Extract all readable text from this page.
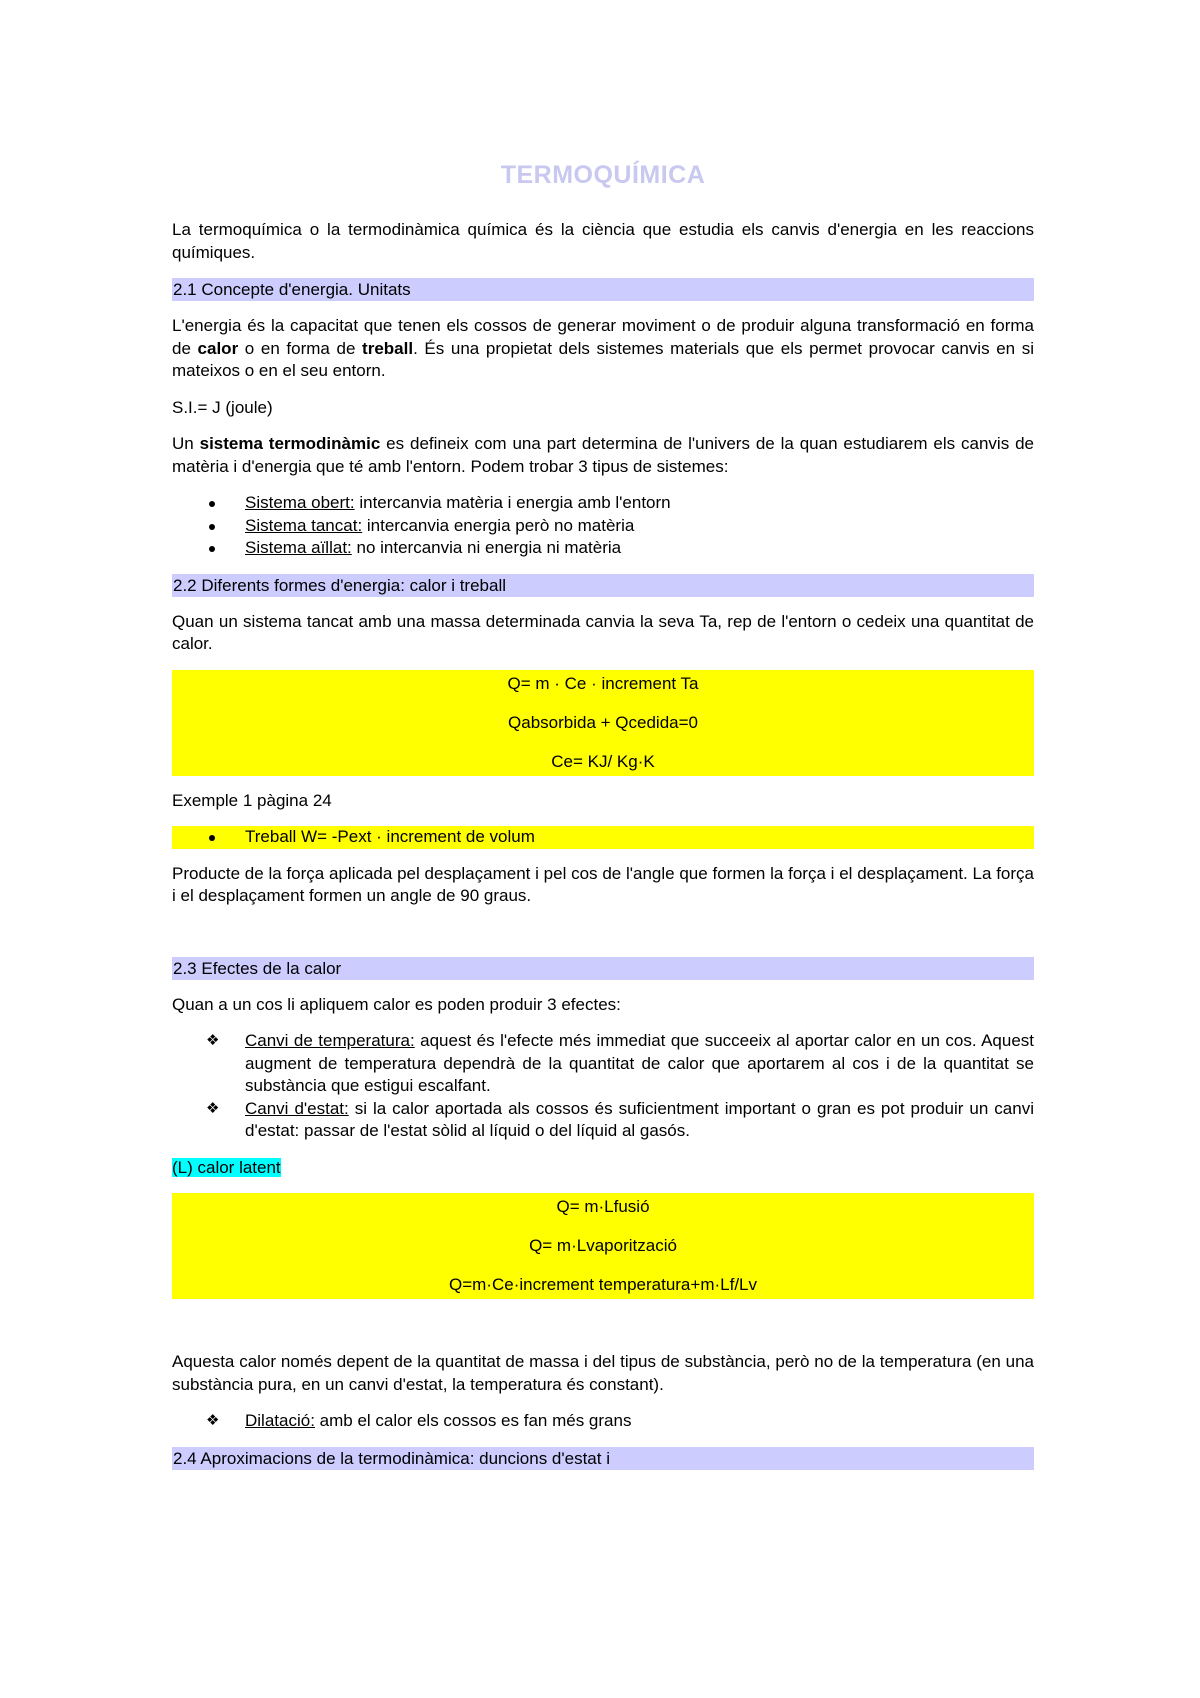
TERMOQUÍMICA

La termoquímica o la termodinàmica química és la ciència que estudia els canvis d'energia en les reaccions químiques.

2.1 Concepte d'energia. Unitats

L'energia és la capacitat que tenen els cossos de generar moviment o de produir alguna transformació en forma de calor o en forma de treball. És una propietat dels sistemes materials que els permet provocar canvis en si mateixos o en el seu entorn.

S.I.= J (joule)

Un sistema termodinàmic es defineix com una part determina de l'univers de la quan estudiarem els canvis de matèria i d'energia que té amb l'entorn. Podem trobar 3 tipus de sistemes:

Sistema obert: intercanvia matèria i energia amb l'entorn
Sistema tancat: intercanvia energia però no matèria
Sistema aïllat: no intercanvia ni energia ni matèria
2.2 Diferents formes d'energia: calor i treball

Quan un sistema tancat amb una massa determinada canvia la seva Ta, rep de l'entorn o cedeix una quantitat de calor.

Q= m · Ce · increment Ta
Qabsorbida + Qcedida=0
Ce= KJ/ Kg·K

Exemple 1 pàgina 24

Treball W= -Pext · increment de volum

Producte de la força aplicada pel desplaçament i pel cos de l'angle que formen la força i el desplaçament. La força i el desplaçament formen un angle de 90 graus.

2.3 Efectes de la calor

Quan a un cos li apliquem calor es poden produir 3 efectes:

❖	Canvi de temperatura: aquest és l'efecte més immediat que succeeix al aportar calor en un cos. Aquest augment de temperatura dependrà de la quantitat de calor que aportarem al cos i de la quantitat se substància que estigui escalfant.
❖	Canvi d'estat: si la calor aportada als cossos és suficientment important o gran es pot produir un canvi d'estat: passar de l'estat sòlid al líquid o del líquid al gasós.

(L) calor latent

Q= m·Lfusió
Q= m·Lvaporització
Q=m·Ce·increment temperatura+m·Lf/Lv

Aquesta calor només depent de la quantitat de massa i del tipus de substància, però no de la temperatura (en una substància pura, en un canvi d'estat, la temperatura és constant).

❖	Dilatació: amb el calor els cossos es fan més grans
2.4 Aproximacions de la termodinàmica: duncions d'estat i
